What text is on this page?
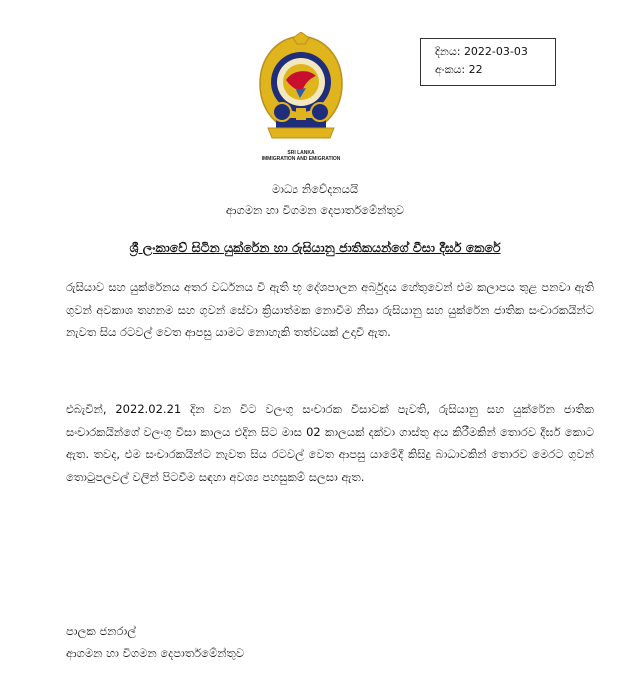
SRI LANKA
IMMIGRATION AND EMIGRATION
දිනය: 2022-03-03
අංකය: 22
මාධ්‍ය නිවේදනයයි
ආගමන හා විගමන දෙපාර්තමේන්තුව
ශ්‍රී ලංකාවේ සිටින යුක්රේන හා රුසියානු ජාතිකයන්ගේ වීසා දීර්ඝ කෙරේ

රුසියාව සහ යුක්රේනය අතර වර්ධනය වී ඇති භූ දේශපාලන අර්බුදය හේතුවෙන් එම කලාපය තුළ පනවා ඇති ගුවන් අවකාශ තහනම සහ ගුවන් සේවා ක්‍රියාත්මක නොවීම නිසා රුසියානු සහ යුක්රේන ජාතික සංචාරකයින්ට නැවත සිය රටවල් වෙත ආපසු යාමට නොහැකි තත්වයක් උදාවී ඇත.

එබැවින්, 2022.02.21 දින වන විට වලංගු සංචාරක වීසාවක් පැවති, රුසියානු සහ යුක්රේන ජාතික සංචාරකයින්ගේ වලංගු වීසා කාලය එදින සිට මාස 02 කාලයක් දක්වා ගාස්තු අය කිරීමකින් තොරව දීර්ඝ කොට ඇත. තවද, එම සංචාරකයින්ට නැවත සිය රටවල් වෙත ආපසු යාමේදී කිසිදු බාධාවකින් තොරව මෙරට ගුවන් තොටුපලවල් වලින් පිටවීම සඳහා අවශ්‍ය පහසුකම් සලසා ඇත.

පාලක ජනරාල්
ආගමන හා විගමන දෙපාර්තමේන්තුව
